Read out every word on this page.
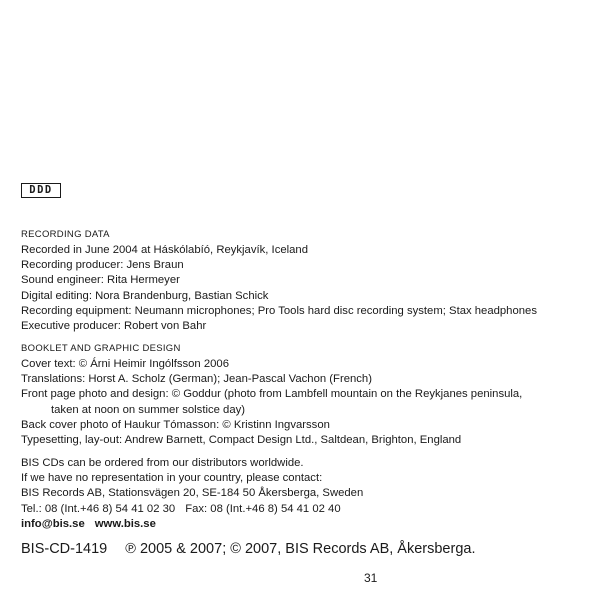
DDD
RECORDING DATA
Recorded in June 2004 at Háskólabíó, Reykjavík, Iceland
Recording producer: Jens Braun
Sound engineer: Rita Hermeyer
Digital editing: Nora Brandenburg, Bastian Schick
Recording equipment: Neumann microphones; Pro Tools hard disc recording system; Stax headphones
Executive producer: Robert von Bahr
BOOKLET AND GRAPHIC DESIGN
Cover text: © Árni Heimir Ingólfsson 2006
Translations: Horst A. Scholz (German); Jean-Pascal Vachon (French)
Front page photo and design: © Goddur (photo from Lambfell mountain on the Reykjanes peninsula,
taken at noon on summer solstice day)
Back cover photo of Haukur Tómasson: © Kristinn Ingvarsson
Typesetting, lay-out: Andrew Barnett, Compact Design Ltd., Saltdean, Brighton, England
BIS CDs can be ordered from our distributors worldwide.
If we have no representation in your country, please contact:
BIS Records AB, Stationsvägen 20, SE-184 50 Åkersberga, Sweden
Tel.: 08 (Int.+46 8) 54 41 02 30 Fax: 08 (Int.+46 8) 54 41 02 40
info@bis.se www.bis.se
BIS-CD-1419 ℗ 2005 & 2007; © 2007, BIS Records AB, Åkersberga.
31
